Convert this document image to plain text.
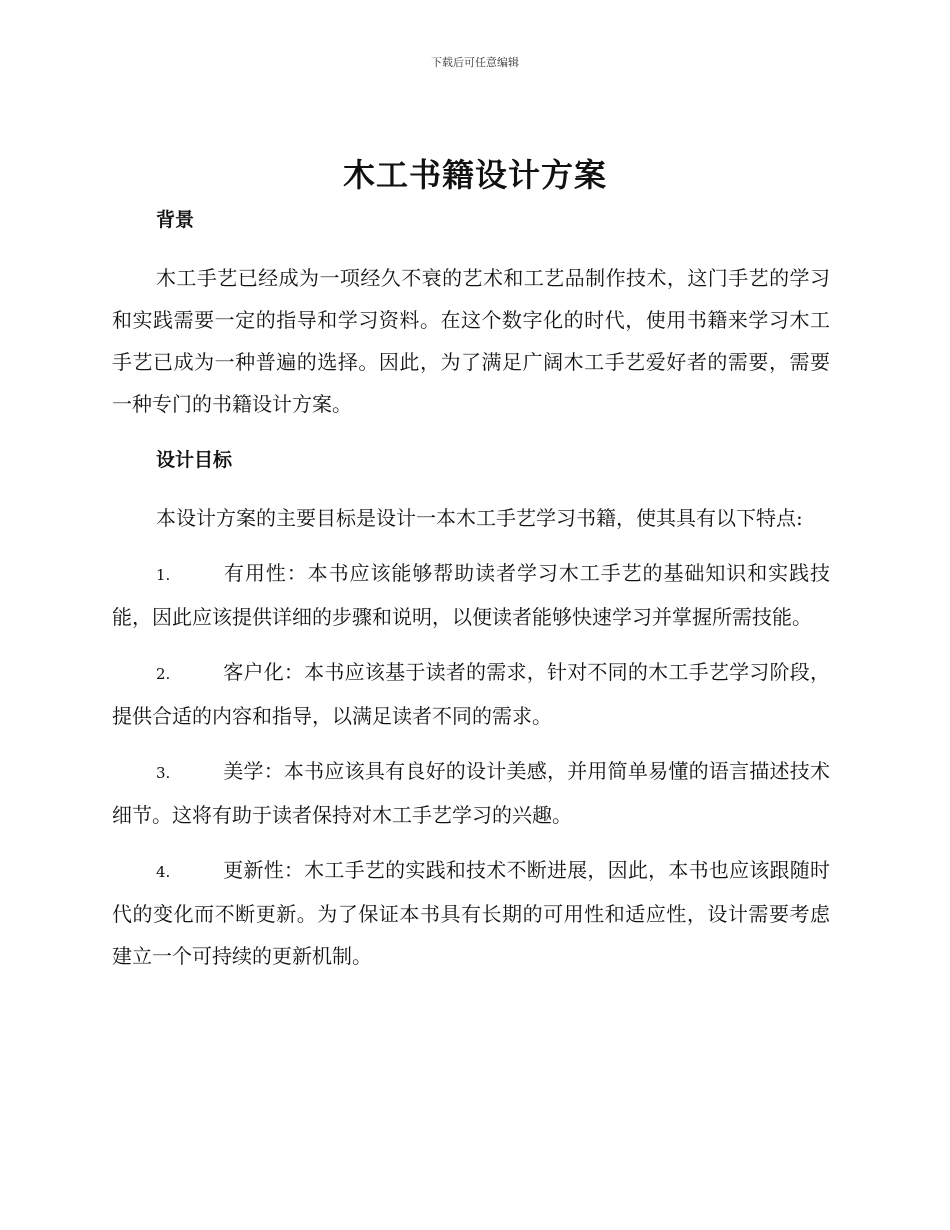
下载后可任意编辑
木工书籍设计方案
背景

木工手艺已经成为一项经久不衰的艺术和工艺品制作技术，这门手艺的学习和实践需要一定的指导和学习资料。在这个数字化的时代，使用书籍来学习木工手艺已成为一种普遍的选择。因此，为了满足广阔木工手艺爱好者的需要，需要一种专门的书籍设计方案。

设计目标

本设计方案的主要目标是设计一本木工手艺学习书籍，使其具有以下特点:

1.	有用性：本书应该能够帮助读者学习木工手艺的基础知识和实践技能，因此应该提供详细的步骤和说明，以便读者能够快速学习并掌握所需技能。

2.	客户化：本书应该基于读者的需求，针对不同的木工手艺学习阶段，提供合适的内容和指导，以满足读者不同的需求。

3.	美学：本书应该具有良好的设计美感，并用简单易懂的语言描述技术细节。这将有助于读者保持对木工手艺学习的兴趣。

4.	更新性：木工手艺的实践和技术不断进展，因此，本书也应该跟随时代的变化而不断更新。为了保证本书具有长期的可用性和适应性，设计需要考虑建立一个可持续的更新机制。
